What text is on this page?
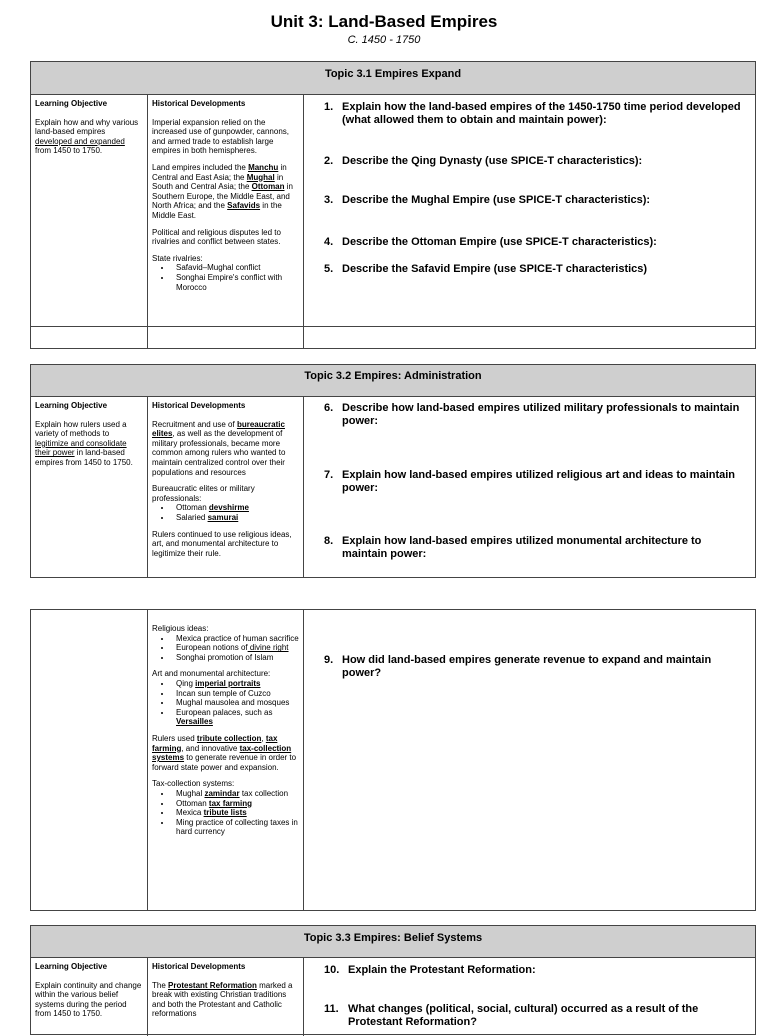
Unit 3: Land-Based Empires
C. 1450 - 1750
Topic 3.1 Empires Expand
Learning Objective
Explain how and why various land-based empires developed and expanded from 1450 to 1750.
Historical Developments

Imperial expansion relied on the increased use of gunpowder, cannons, and armed trade to establish large empires in both hemispheres.

Land empires included the Manchu in Central and East Asia; the Mughal in South and Central Asia; the Ottoman in Southern Europe, the Middle East, and North Africa; and the Safavids in the Middle East.

Political and religious disputes led to rivalries and conflict between states.

State rivalries:

• Safavid–Mughal conflict
• Songhai Empire's conflict with Morocco
1. Explain how the land-based empires of the 1450-1750 time period developed (what allowed them to obtain and maintain power):
2. Describe the Qing Dynasty (use SPICE-T characteristics):
3. Describe the Mughal Empire (use SPICE-T characteristics):
4. Describe the Ottoman Empire (use SPICE-T characteristics):
5. Describe the Safavid Empire (use SPICE-T characteristics)
Topic 3.2 Empires: Administration
Learning Objective
Explain how rulers used a variety of methods to legitimize and consolidate their power in land-based empires from 1450 to 1750.
Historical Developments

Recruitment and use of bureaucratic elites, as well as the development of military professionals, became more common among rulers who wanted to maintain centralized control over their populations and resources

Bureaucratic elites or military professionals:

• Ottoman devshirme
• Salaried samurai

Rulers continued to use religious ideas, art, and monumental architecture to legitimize their rule.

6. Describe how land-based empires utilized military professionals to maintain power:
7. Explain how land-based empires utilized religious art and ideas to maintain power:
8. Explain how land-based empires utilized monumental architecture to maintain power:

Religious ideas:

• Mexica practice of human sacrifice
• European notions of divine right
• Songhai promotion of Islam

Art and monumental architecture:

• Qing imperial portraits
• Incan sun temple of Cuzco
• Mughal mausolea and mosques
• European palaces, such as Versailles

Rulers used tribute collection, tax farming, and innovative tax-collection systems to generate revenue in order to forward state power and expansion.

Tax-collection systems:

• Mughal zamindar tax collection
• Ottoman tax farming
• Mexica tribute lists
• Ming practice of collecting taxes in hard currency
9. How did land-based empires generate revenue to expand and maintain power?
Topic 3.3 Empires: Belief Systems
Learning Objective
Explain continuity and change within the various belief systems during the period from 1450 to 1750.
Historical Developments

The Protestant Reformation marked a break with existing Christian traditions and both the Protestant and Catholic reformations

10. Explain the Protestant Reformation:
11. What changes (political, social, cultural) occurred as a result of the Protestant Reformation?
